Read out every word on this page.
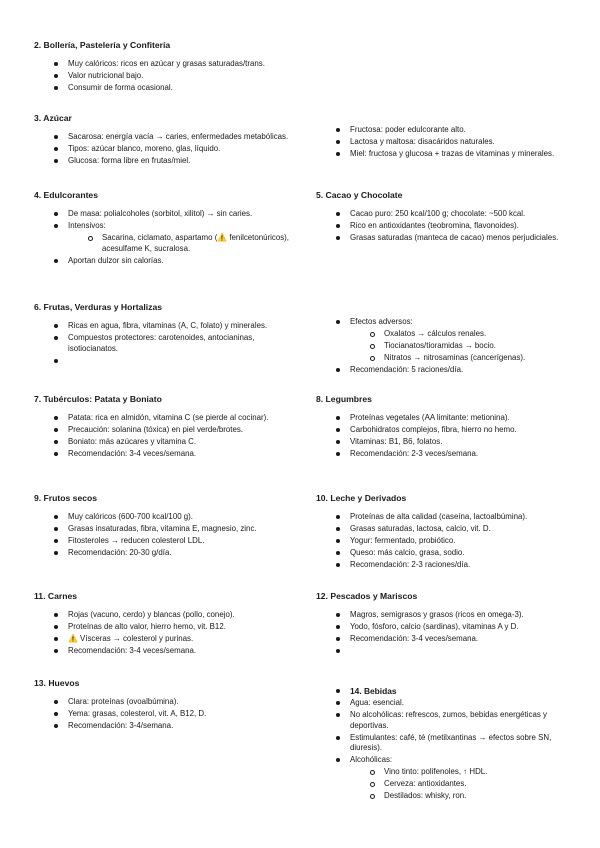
2. Bollería, Pastelería y Confitería

Muy calóricos: ricos en azúcar y grasas saturadas/trans.
Valor nutricional bajo.
Consumir de forma ocasional.

3. Azúcar

Sacarosa: energía vacía → caries, enfermedades metabólicas.
Tipos: azúcar blanco, moreno, glas, líquido.
Glucosa: forma libre en frutas/miel.
Fructosa: poder edulcorante alto.
Lactosa y maltosa: disacáridos naturales.
Miel: fructosa y glucosa + trazas de vitaminas y minerales.

4. Edulcorantes

De masa: polialcoholes (sorbitol, xilitol) → sin caries.
Intensivos:
Sacarina, ciclamato, aspartamo (⚠️ fenilcetonúricos), acesulfame K, sucralosa.
Aportan dulzor sin calorías.

5. Cacao y Chocolate

Cacao puro: 250 kcal/100 g; chocolate: ~500 kcal.
Rico en antioxidantes (teobromina, flavonoides).
Grasas saturadas (manteca de cacao) menos perjudiciales.

6. Frutas, Verduras y Hortalizas

Ricas en agua, fibra, vitaminas (A, C, folato) y minerales.
Compuestos protectores: carotenoides, antocianinas, isotiocianatos.
Efectos adversos:
Oxalatos → cálculos renales.
Tiocianatos/tioramidas → bocio.
Nitratos → nitrosaminas (cancerígenas).
Recomendación: 5 raciones/día.

7. Tubérculos: Patata y Boniato

Patata: rica en almidón, vitamina C (se pierde al cocinar).
Precaución: solanina (tóxica) en piel verde/brotes.
Boniato: más azúcares y vitamina C.
Recomendación: 3-4 veces/semana.

8. Legumbres

Proteínas vegetales (AA limitante: metionina).
Carbohidratos complejos, fibra, hierro no hemo.
Vitaminas: B1, B6, folatos.
Recomendación: 2-3 veces/semana.

9. Frutos secos

Muy calóricos (600-700 kcal/100 g).
Grasas insaturadas, fibra, vitamina E, magnesio, zinc.
Fitosteroles → reducen colesterol LDL.
Recomendación: 20-30 g/día.

10. Leche y Derivados

Proteínas de alta calidad (caseína, lactoalbúmina).
Grasas saturadas, lactosa, calcio, vit. D.
Yogur: fermentado, probiótico.
Queso: más calcio, grasa, sodio.
Recomendación: 2-3 raciones/día.

11. Carnes

Rojas (vacuno, cerdo) y blancas (pollo, conejo).
Proteínas de alto valor, hierro hemo, vit. B12.
⚠️ Vísceras → colesterol y purinas.
Recomendación: 3-4 veces/semana.

12. Pescados y Mariscos

Magros, semigrasos y grasos (ricos en omega-3).
Yodo, fósforo, calcio (sardinas), vitaminas A y D.
Recomendación: 3-4 veces/semana.

13. Huevos

Clara: proteínas (ovoalbúmina).
Yema: grasas, colesterol, vit. A, B12, D.
Recomendación: 3-4/semana.
14. Bebidas
Agua: esencial.
No alcohólicas: refrescos, zumos, bebidas energéticas y deportivas.
Estimulantes: café, té (metilxantinas → efectos sobre SN, diuresis).
Alcohólicas:
Vino tinto: polifenoles, ↑ HDL.
Cerveza: antioxidantes.
Destilados: whisky, ron.
